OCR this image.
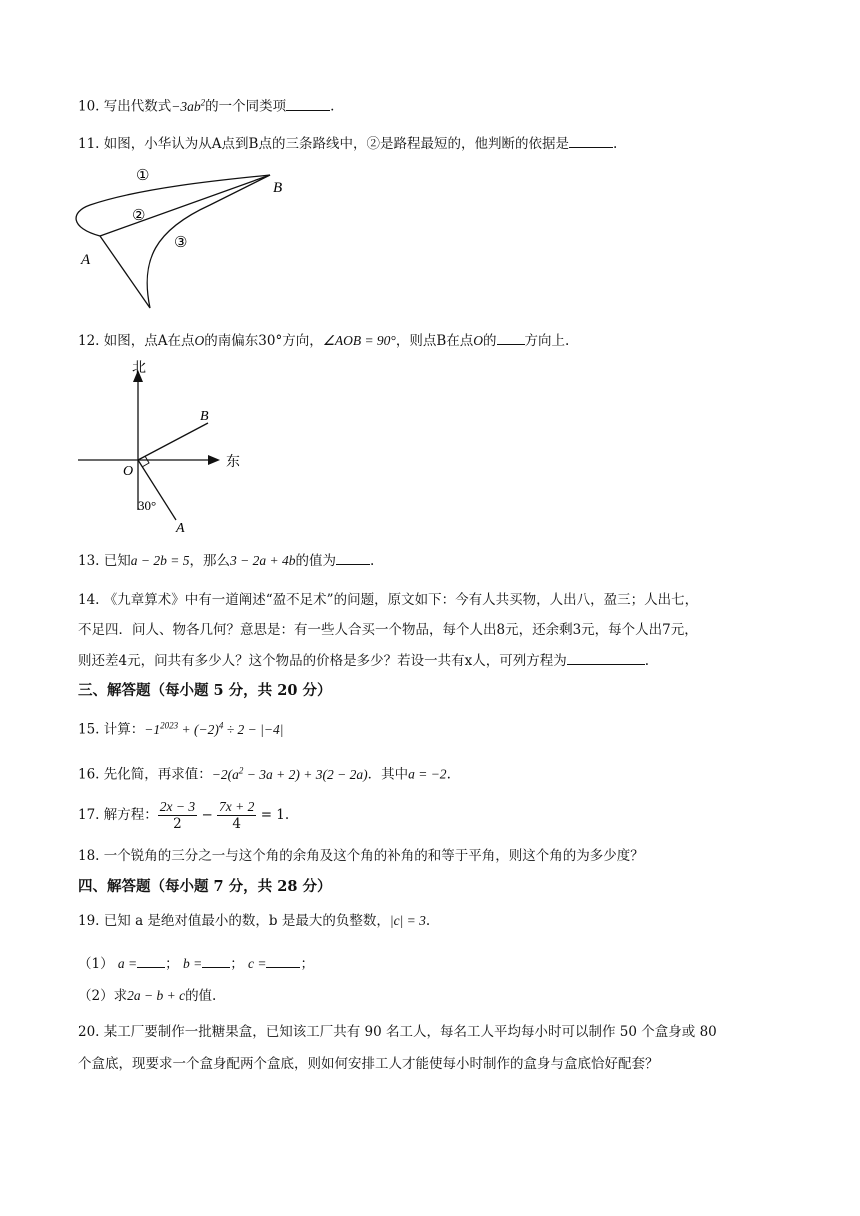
10. 写出代数式$-3ab^2$的一个同类项	.
11. 如图，小华认为从A点到B点的三条路线中，②是路程最短的，他判断的依据是	.
①
②
③
A
B
12. 如图，点A在点O的南偏东30°方向，∠AOB = 90°，则点B在点O的 方向上.
北
东
O
B
A
30°
13. 已知a − 2b = 5，那么3 − 2a + 4b的值为	.
14. 《九章算术》中有一道阐述“盈不足术”的问题，原文如下：今有人共买物，人出八，盈三；人出七，
不足四．问人、物各几何？意思是：有一些人合买一个物品，每个人出8元，还余剩3元，每个人出7元，
则还差4元，问共有多少人？这个物品的价格是多少？若设一共有x人，可列方程为	.
三、解答题（每小题 5 分，共 20 分）
15. 计算：$-1^{2023} + (-2)^4 \div 2 - |-4|$
16. 先化简，再求值：$-2(a^2 - 3a + 2) + 3(2 - 2a)$．其中a = −2.
17. 解方程： $\frac{2x - 3}{2} - \frac{7x + 2}{4} = 1$.
18. 一个锐角的三分之一与这个角的余角及这个角的补角的和等于平角，则这个角的为多少度？
四、解答题（每小题 7 分，共 28 分）
19. 已知 a 是绝对值最小的数，b 是最大的负整数，|c| = 3.
（1） a = ； b = ； c =	；
（2）求2a − b + c的值.
20. 某工厂要制作一批糖果盒，已知该工厂共有 90 名工人，每名工人平均每小时可以制作 50 个盒身或 80
个盒底，现要求一个盒身配两个盒底，则如何安排工人才能使每小时制作的盒身与盒底恰好配套？
